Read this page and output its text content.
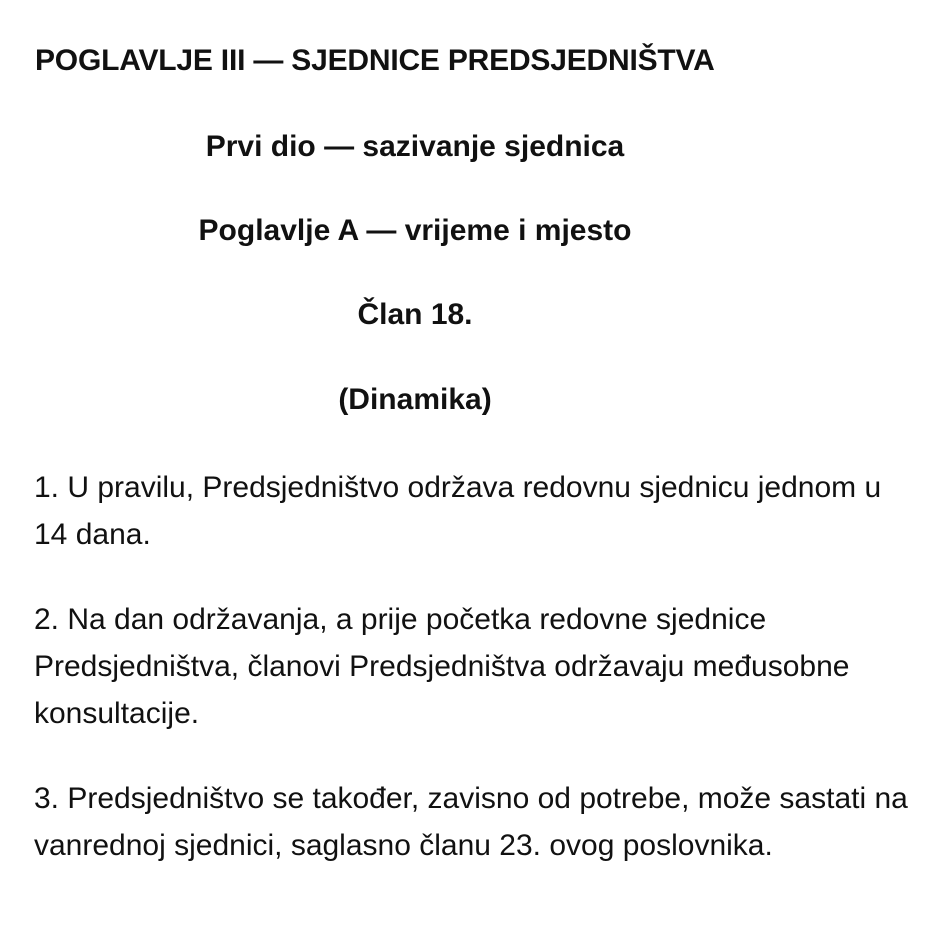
POGLAVLJE III — SJEDNICE PREDSJEDNIŠTVA
Prvi dio — sazivanje sjednica
Poglavlje A — vrijeme i mjesto
Član 18.
(Dinamika)

1. U pravilu, Predsjedništvo održava redovnu sjednicu jednom u 14 dana.

2. Na dan održavanja, a prije početka redovne sjednice Predsjedništva, članovi Predsjedništva održavaju međusobne konsultacije.

3. Predsjedništvo se također, zavisno od potrebe, može sastati na vanrednoj sjednici, saglasno članu 23. ovog poslovnika.
